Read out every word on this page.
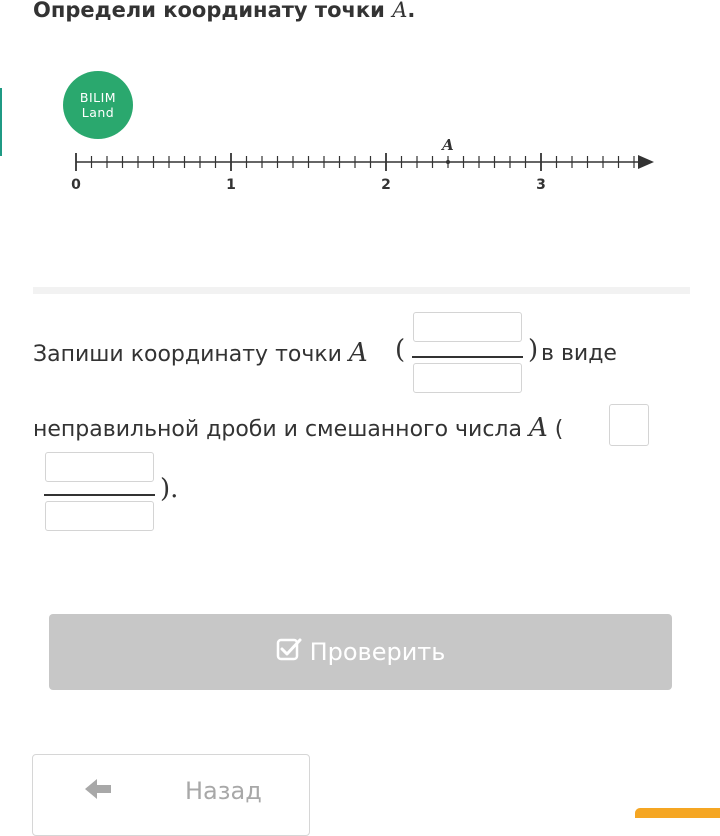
Определи координату точки A.
BILIM
Land
0	1	2	3
A
Запиши координату точки A (	) в виде
неправильной дроби и смешанного числа A (
).
Проверить
Назад
